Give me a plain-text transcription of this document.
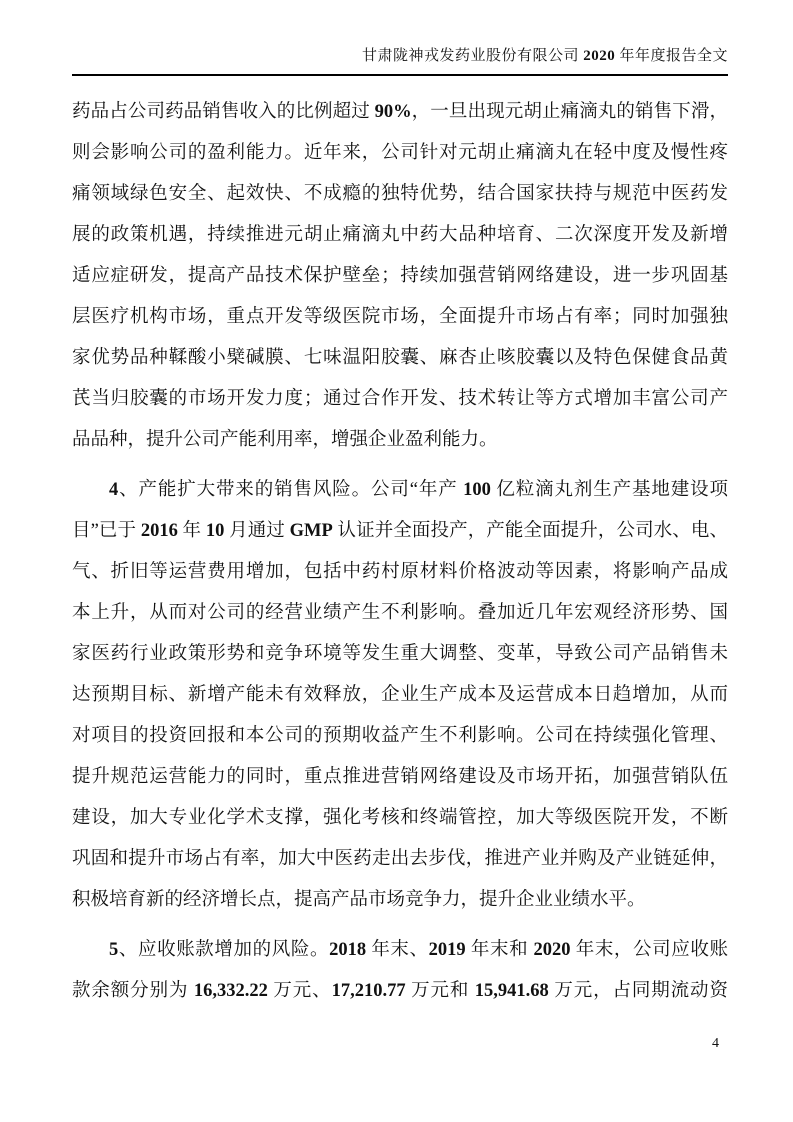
甘肃陇神戎发药业股份有限公司 2020 年年度报告全文
药品占公司药品销售收入的比例超过 90%，一旦出现元胡止痛滴丸的销售下滑，
则会影响公司的盈利能力。近年来，公司针对元胡止痛滴丸在轻中度及慢性疼
痛领域绿色安全、起效快、不成瘾的独特优势，结合国家扶持与规范中医药发
展的政策机遇，持续推进元胡止痛滴丸中药大品种培育、二次深度开发及新增
适应症研发，提高产品技术保护壁垒；持续加强营销网络建设，进一步巩固基
层医疗机构市场，重点开发等级医院市场，全面提升市场占有率；同时加强独
家优势品种鞣酸小檗碱膜、七味温阳胶囊、麻杏止咳胶囊以及特色保健食品黄
芪当归胶囊的市场开发力度；通过合作开发、技术转让等方式增加丰富公司产
品品种，提升公司产能利用率，增强企业盈利能力。
4、产能扩大带来的销售风险。公司“年产 100 亿粒滴丸剂生产基地建设项
目”已于 2016 年 10 月通过 GMP 认证并全面投产，产能全面提升，公司水、电、
气、折旧等运营费用增加，包括中药村原材料价格波动等因素，将影响产品成
本上升，从而对公司的经营业绩产生不利影响。叠加近几年宏观经济形势、国
家医药行业政策形势和竞争环境等发生重大调整、变革，导致公司产品销售未
达预期目标、新增产能未有效释放，企业生产成本及运营成本日趋增加，从而
对项目的投资回报和本公司的预期收益产生不利影响。公司在持续强化管理、
提升规范运营能力的同时，重点推进营销网络建设及市场开拓，加强营销队伍
建设，加大专业化学术支撑，强化考核和终端管控，加大等级医院开发，不断
巩固和提升市场占有率，加大中医药走出去步伐，推进产业并购及产业链延伸，
积极培育新的经济增长点，提高产品市场竞争力，提升企业业绩水平。
5、应收账款增加的风险。2018 年末、2019 年末和 2020 年末，公司应收账
款余额分别为 16,332.22 万元、17,210.77 万元和 15,941.68 万元，占同期流动资
4
